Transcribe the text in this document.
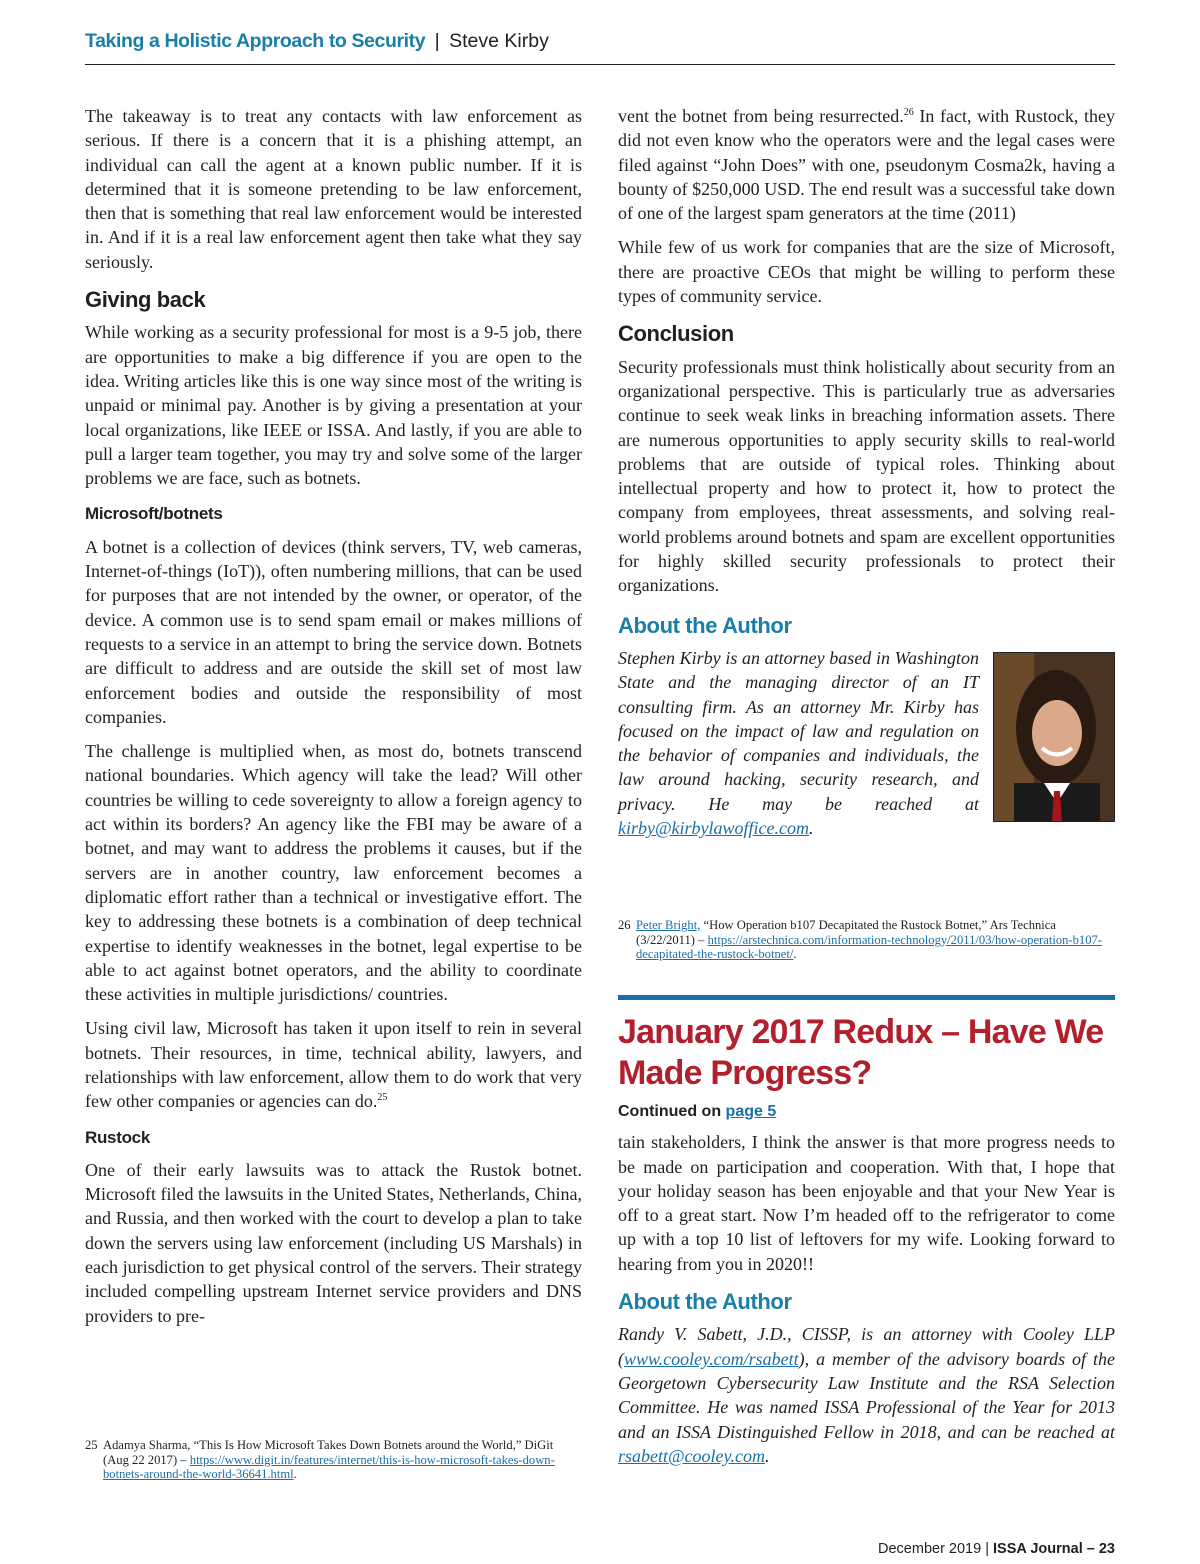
Taking a Holistic Approach to Security | Steve Kirby

The takeaway is to treat any contacts with law enforcement as serious. If there is a concern that it is a phishing attempt, an individual can call the agent at a known public number. If it is determined that it is someone pretending to be law enforcement, then that is something that real law enforcement would be interested in. And if it is a real law enforcement agent then take what they say seriously.

Giving back

While working as a security professional for most is a 9-5 job, there are opportunities to make a big difference if you are open to the idea. Writing articles like this is one way since most of the writing is unpaid or minimal pay. Another is by giving a presentation at your local organizations, like IEEE or ISSA. And lastly, if you are able to pull a larger team together, you may try and solve some of the larger problems we are face, such as botnets.

Microsoft/botnets

A botnet is a collection of devices (think servers, TV, web cameras, Internet-of-things (IoT)), often numbering millions, that can be used for purposes that are not intended by the owner, or operator, of the device. A common use is to send spam email or makes millions of requests to a service in an attempt to bring the service down. Botnets are difficult to address and are outside the skill set of most law enforcement bodies and outside the responsibility of most companies.

The challenge is multiplied when, as most do, botnets transcend national boundaries. Which agency will take the lead? Will other countries be willing to cede sovereignty to allow a foreign agency to act within its borders? An agency like the FBI may be aware of a botnet, and may want to address the problems it causes, but if the servers are in another country, law enforcement becomes a diplomatic effort rather than a technical or investigative effort. The key to addressing these botnets is a combination of deep technical expertise to identify weaknesses in the botnet, legal expertise to be able to act against botnet operators, and the ability to coordinate these activities in multiple jurisdictions/ countries.

Using civil law, Microsoft has taken it upon itself to rein in several botnets. Their resources, in time, technical ability, lawyers, and relationships with law enforcement, allow them to do work that very few other companies or agencies can do.$^{25}$

Rustock

One of their early lawsuits was to attack the Rustok botnet. Microsoft filed the lawsuits in the United States, Netherlands, China, and Russia, and then worked with the court to develop a plan to take down the servers using law enforcement (including US Marshals) in each jurisdiction to get physical control of the servers. Their strategy included compelling upstream Internet service providers and DNS providers to pre-

25 Adamya Sharma, “This Is How Microsoft Takes Down Botnets around the World,” DiGit (Aug 22 2017) – https://www.digit.in/features/internet/this-is-how-microsoft-takes-down-botnets-around-the-world-36641.html.

vent the botnet from being resurrected.$^{26}$ In fact, with Rustock, they did not even know who the operators were and the legal cases were filed against “John Does” with one, pseudonym Cosma2k, having a bounty of $250,000 USD. The end result was a successful take down of one of the largest spam generators at the time (2011)

While few of us work for companies that are the size of Microsoft, there are proactive CEOs that might be willing to perform these types of community service.

Conclusion

Security professionals must think holistically about security from an organizational perspective. This is particularly true as adversaries continue to seek weak links in breaching information assets. There are numerous opportunities to apply security skills to real-world problems that are outside of typical roles. Thinking about intellectual property and how to protect it, how to protect the company from employees, threat assessments, and solving real-world problems around botnets and spam are excellent opportunities for highly skilled security professionals to protect their organizations.

About the Author

Stephen Kirby is an attorney based in Washington State and the managing director of an IT consulting firm. As an attorney Mr. Kirby has focused on the impact of law and regulation on the behavior of companies and individuals, the law around hacking, security research, and privacy. He may be reached at kirby@kirbylawoffice.com.

26 Peter Bright, “How Operation b107 Decapitated the Rustock Botnet,” Ars Technica (3/22/2011) – https://arstechnica.com/information-technology/2011/03/how-operation-b107-decapitated-the-rustock-botnet/.
January 2017 Redux – Have We Made Progress?
Continued on page 5

tain stakeholders, I think the answer is that more progress needs to be made on participation and cooperation. With that, I hope that your holiday season has been enjoyable and that your New Year is off to a great start. Now I’m headed off to the refrigerator to come up with a top 10 list of leftovers for my wife. Looking forward to hearing from you in 2020!!

About the Author

Randy V. Sabett, J.D., CISSP, is an attorney with Cooley LLP (www.cooley.com/rsabett), a member of the advisory boards of the Georgetown Cybersecurity Law Institute and the RSA Selection Committee. He was named ISSA Professional of the Year for 2013 and an ISSA Distinguished Fellow in 2018, and can be reached at rsabett@cooley.com.

December 2019 | ISSA Journal – 23
